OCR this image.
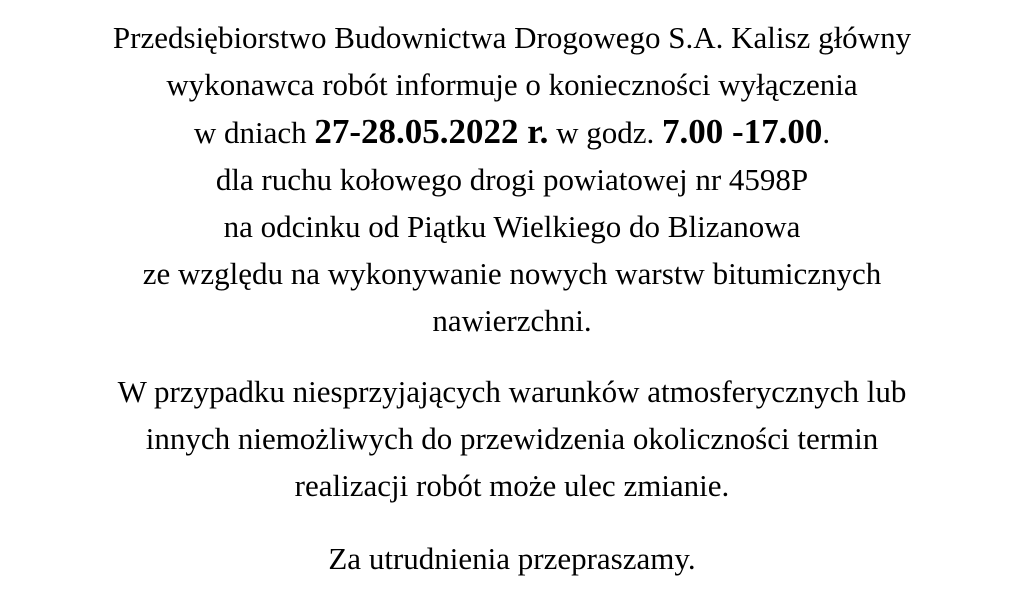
Przedsiębiorstwo Budownictwa Drogowego S.A. Kalisz główny
wykonawca robót informuje o konieczności wyłączenia
w dniach 27-28.05.2022 r. w godz. 7.00 -17.00.
dla ruchu kołowego drogi powiatowej nr 4598P
na odcinku od Piątku Wielkiego do Blizanowa
ze względu na wykonywanie nowych warstw bitumicznych
nawierzchni.
W przypadku niesprzyjających warunków atmosferycznych lub
innych niemożliwych do przewidzenia okoliczności termin
realizacji robót może ulec zmianie.
Za utrudnienia przepraszamy.
